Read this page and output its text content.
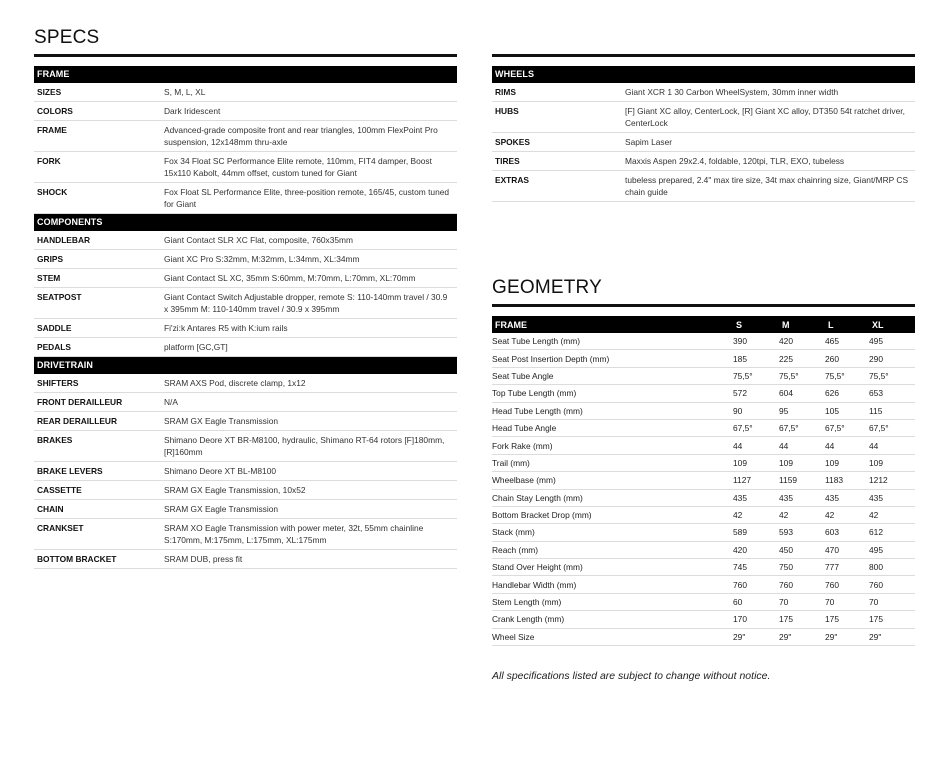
SPECS
FRAME
SIZES	S, M, L, XL
COLORS	Dark Iridescent
FRAME	Advanced-grade composite front and rear triangles, 100mm FlexPoint Pro suspension, 12x148mm thru-axle
FORK	Fox 34 Float SC Performance Elite remote, 110mm, FIT4 damper, Boost 15x110 Kabolt, 44mm offset, custom tuned for Giant
SHOCK	Fox Float SL Performance Elite, three-position remote, 165/45, custom tuned for Giant
COMPONENTS
HANDLEBAR	Giant Contact SLR XC Flat, composite, 760x35mm
GRIPS	Giant XC Pro S:32mm, M:32mm, L:34mm, XL:34mm
STEM	Giant Contact SL XC, 35mm S:60mm, M:70mm, L:70mm, XL:70mm
SEATPOST	Giant Contact Switch Adjustable dropper, remote S: 110-140mm travel / 30.9 x 395mm M: 110-140mm travel / 30.9 x 395mm
SADDLE	Fi'zi:k Antares R5 with K:ium rails
PEDALS	platform [GC,GT]
DRIVETRAIN
SHIFTERS	SRAM AXS Pod, discrete clamp, 1x12
FRONT DERAILLEUR	N/A
REAR DERAILLEUR	SRAM GX Eagle Transmission
BRAKES	Shimano Deore XT BR-M8100, hydraulic, Shimano RT-64 rotors [F]180mm, [R]160mm
BRAKE LEVERS	Shimano Deore XT BL-M8100
CASSETTE	SRAM GX Eagle Transmission, 10x52
CHAIN	SRAM GX Eagle Transmission
CRANKSET	SRAM XO Eagle Transmission with power meter, 32t, 55mm chainline S:170mm, M:175mm, L:175mm, XL:175mm
BOTTOM BRACKET	SRAM DUB, press fit
WHEELS
RIMS	Giant XCR 1 30 Carbon WheelSystem, 30mm inner width
HUBS	[F] Giant XC alloy, CenterLock, [R] Giant XC alloy, DT350 54t ratchet driver, CenterLock
SPOKES	Sapim Laser
TIRES	Maxxis Aspen 29x2.4, foldable, 120tpi, TLR, EXO, tubeless
EXTRAS	tubeless prepared, 2.4" max tire size, 34t max chainring size, Giant/MRP CS chain guide
GEOMETRY
FRAME	S	M	L	XL
Seat Tube Length (mm)	390	420	465	495
Seat Post Insertion Depth (mm)	185	225	260	290
Seat Tube Angle	75,5°	75,5°	75,5°	75,5°
Top Tube Length (mm)	572	604	626	653
Head Tube Length (mm)	90	95	105	115
Head Tube Angle	67,5°	67,5°	67,5°	67,5°
Fork Rake (mm)	44	44	44	44
Trail (mm)	109	109	109	109
Wheelbase (mm)	1127	1159	1183	1212
Chain Stay Length (mm)	435	435	435	435
Bottom Bracket Drop (mm)	42	42	42	42
Stack (mm)	589	593	603	612
Reach (mm)	420	450	470	495
Stand Over Height (mm)	745	750	777	800
Handlebar Width (mm)	760	760	760	760
Stem Length (mm)	60	70	70	70
Crank Length (mm)	170	175	175	175
Wheel Size	29"	29"	29"	29"
All specifications listed are subject to change without notice.
